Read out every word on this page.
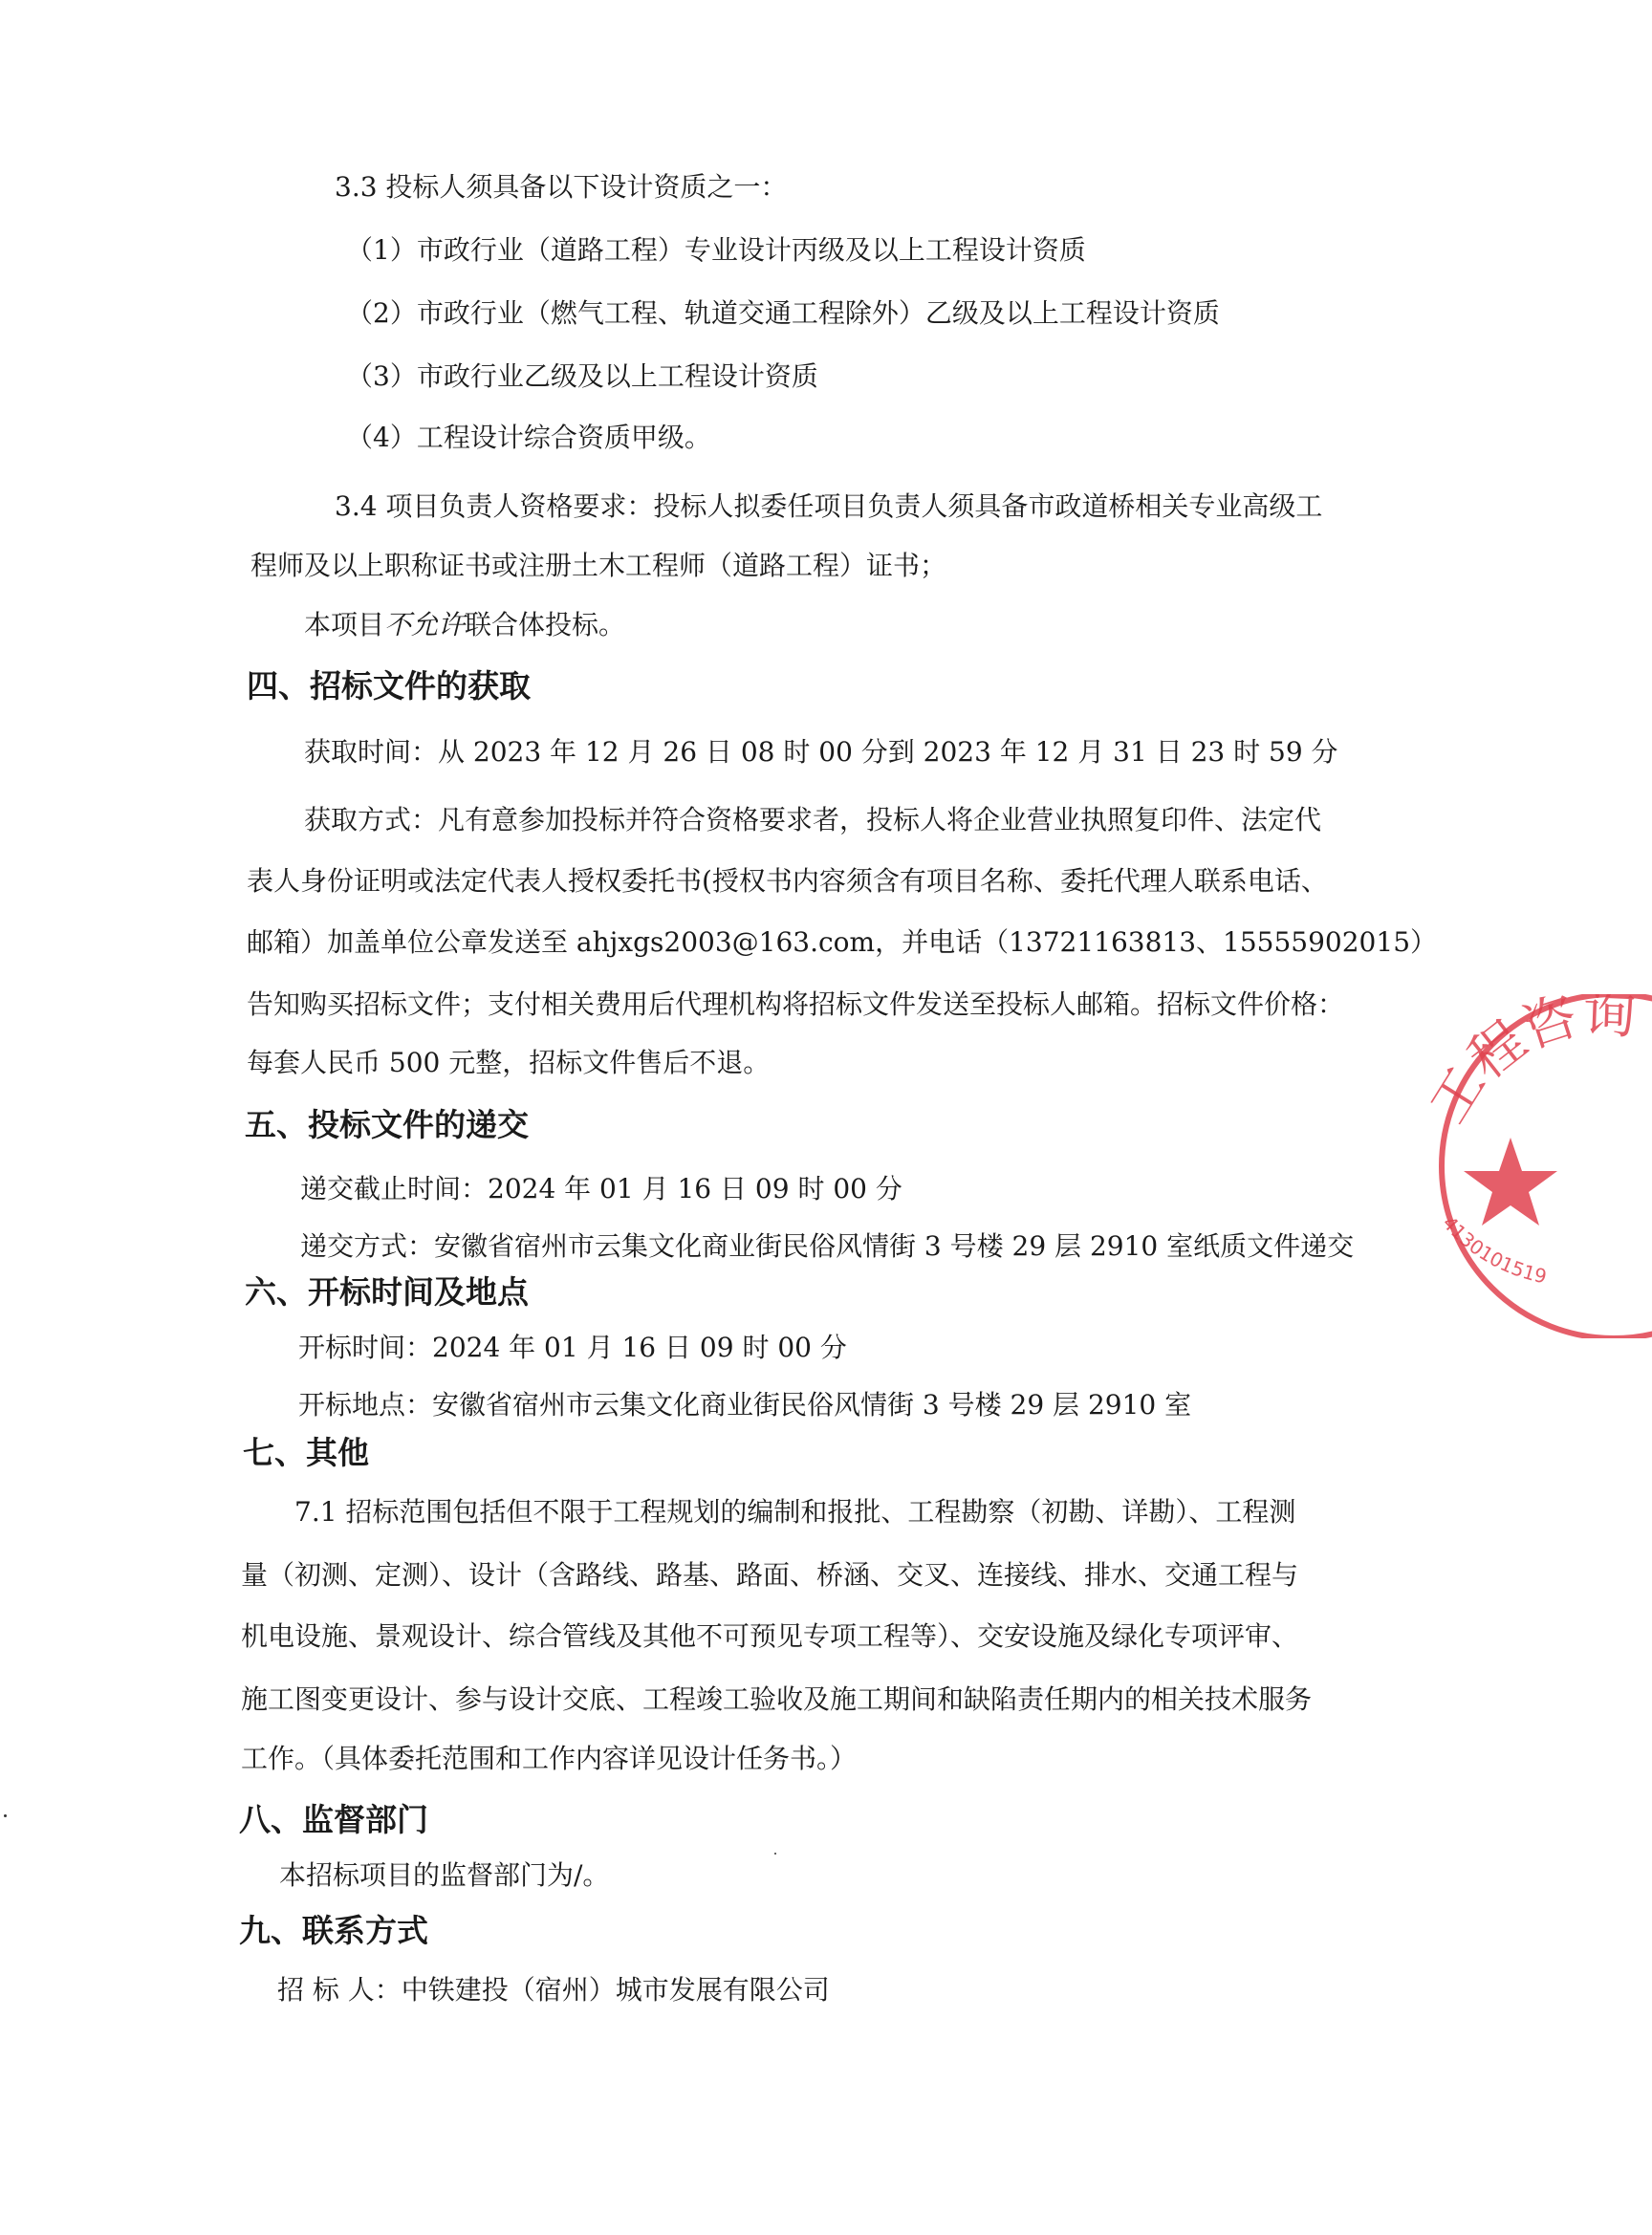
3.3 投标人须具备以下设计资质之一：
（1）市政行业（道路工程）专业设计丙级及以上工程设计资质
（2）市政行业（燃气工程、轨道交通工程除外）乙级及以上工程设计资质
（3）市政行业乙级及以上工程设计资质
（4）工程设计综合资质甲级。
3.4 项目负责人资格要求：投标人拟委任项目负责人须具备市政道桥相关专业高级工
程师及以上职称证书或注册土木工程师（道路工程）证书；
本项目不允许联合体投标。
四、招标文件的获取
获取时间：从 2023 年 12 月 26 日 08 时 00 分到 2023 年 12 月 31 日 23 时 59 分
获取方式：凡有意参加投标并符合资格要求者，投标人将企业营业执照复印件、法定代
表人身份证明或法定代表人授权委托书(授权书内容须含有项目名称、委托代理人联系电话、
邮箱）加盖单位公章发送至 ahjxgs2003@163.com，并电话（13721163813、15555902015）
告知购买招标文件；支付相关费用后代理机构将招标文件发送至投标人邮箱。招标文件价格：
每套人民币 500 元整，招标文件售后不退。
五、投标文件的递交
递交截止时间：2024 年 01 月 16 日 09 时 00 分
递交方式：安徽省宿州市云集文化商业街民俗风情街 3 号楼 29 层 2910 室纸质文件递交
六、开标时间及地点
开标时间：2024 年 01 月 16 日 09 时 00 分
开标地点：安徽省宿州市云集文化商业街民俗风情街 3 号楼 29 层 2910 室
七、其他
7.1 招标范围包括但不限于工程规划的编制和报批、工程勘察（初勘、详勘）、工程测
量（初测、定测）、设计（含路线、路基、路面、桥涵、交叉、连接线、排水、交通工程与
机电设施、景观设计、综合管线及其他不可预见专项工程等）、交安设施及绿化专项评审、
施工图变更设计、参与设计交底、工程竣工验收及施工期间和缺陷责任期内的相关技术服务
工作。（具体委托范围和工作内容详见设计任务书。）
八、监督部门
本招标项目的监督部门为/。
九、联系方式
招 标 人：中铁建投（宿州）城市发展有限公司
工程咨询
4130101519
